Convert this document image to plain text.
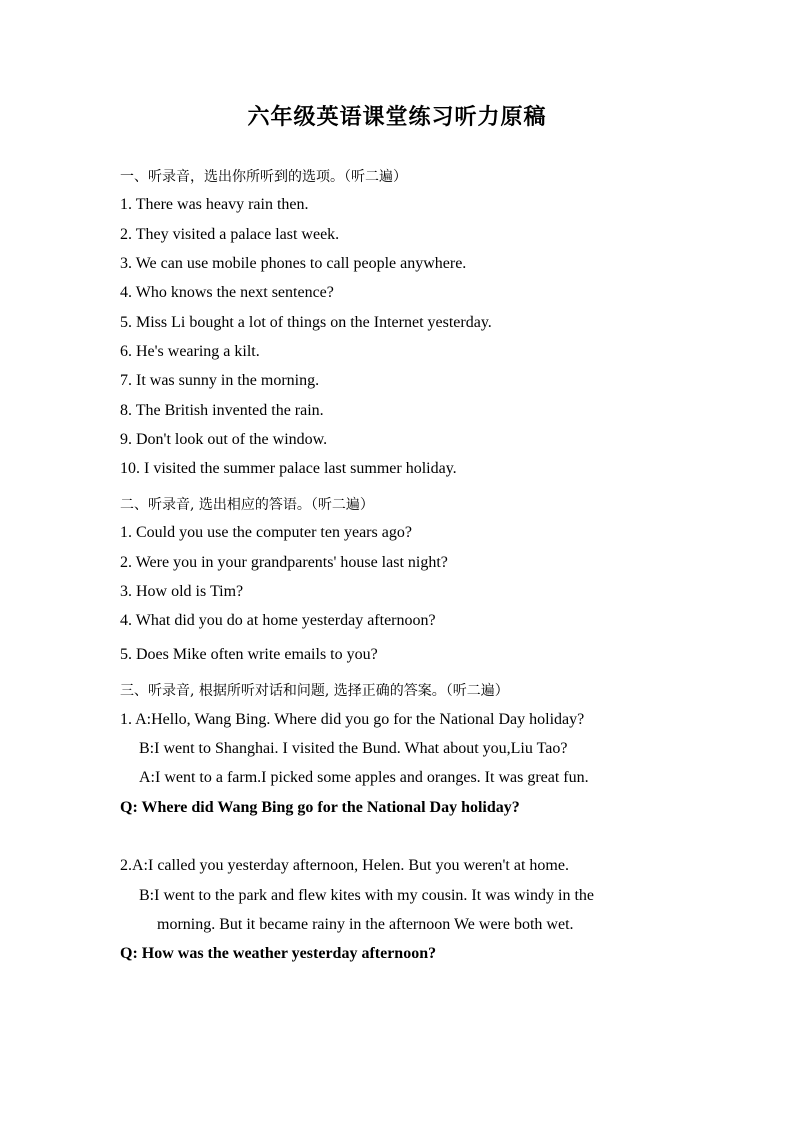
六年级英语课堂练习听力原稿
一、听录音，选出你所听到的选项。（听二遍）
1. There was heavy rain then.
2. They visited a palace last week.
3. We can use mobile phones to call people anywhere.
4. Who knows the next sentence?
5. Miss Li bought a lot of things on the Internet yesterday.
6. He's wearing a kilt.
7. It was sunny in the morning.
8. The British invented the rain.
9. Don't look out of the window.
10. I visited the summer palace last summer holiday.
二、听录音, 选出相应的答语。（听二遍）
1. Could you use the computer ten years ago?
2. Were you in your grandparents' house last night?
3. How old is Tim?
4. What did you do at home yesterday afternoon?
5. Does Mike often write emails to you?
三、听录音, 根据所听对话和问题, 选择正确的答案。（听二遍）
1. A:Hello, Wang Bing. Where did you go for the National Day holiday?
B:I went to Shanghai. I visited the Bund. What about you,Liu Tao?
A:I went to a farm.I picked some apples and oranges. It was great fun.
Q: Where did Wang Bing go for the National Day holiday?
2.A:I called you yesterday afternoon, Helen. But you weren't at home.
B:I went to the park and flew kites with my cousin. It was windy in the
morning. But it became rainy in the afternoon We were both wet.
Q: How was the weather yesterday afternoon?
